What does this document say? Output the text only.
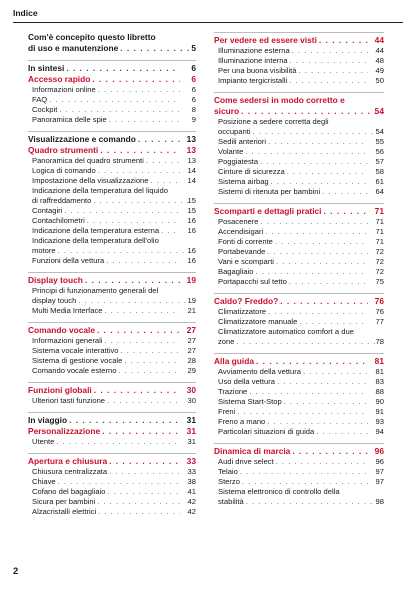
Indice
Com'è concepito questo libretto
di uso e manutenzione . . .	5
In sintesi . . .	6
Accesso rapido . . .	6
Informazioni online . . .	6
FAQ . . .	6
Cockpit . . .	8
Panoramica delle spie . . .	9
Visualizzazione e comando . . .	13
Quadro strumenti . . .	13
Panoramica del quadro strumenti . . .	13
Logica di comando . . .	14
Impostazione della visualizzazione . . .	14
Indicazione della temperatura del liquido
di raffreddamento . . .	15
Contagiri . . .	15
Contachilometri . . .	16
Indicazione della temperatura esterna . . .	16
Indicazione della temperatura dell'olio
motore . . .	16
Funzioni della vettura . . .	16
Display touch . . .	19
Principi di funzionamento generali del
display touch . . .	19
Multi Media Interface . . .	21
Comando vocale . . .	27
Informazioni generali . . .	27
Sistema vocale interattivo . . .	27
Sistema di gestione vocale . . .	28
Comando vocale esterno . . .	29
Funzioni globali . . .	30
Ulteriori tasti funzione . . .	30
In viaggio . . .	31
Personalizzazione . . .	31
Utente . . .	31
Apertura e chiusura . . .	33
Chiusura centralizzata . . .	33
Chiave . . .	38
Cofano del bagagliaio . . .	41
Sicura per bambini . . .	42
Alzacristalli elettrici . . .	42
Per vedere ed essere visti . . .	44
Illuminazione esterna . . .	44
Illuminazione interna . . .	48
Per una buona visibilità . . .	49
Impianto tergicristalli . . .	50
Come sedersi in modo corretto e
sicuro . . .	54
Posizione a sedere corretta degli
occupanti . . .	54
Sedili anteriori . . .	55
Volante . . .	56
Poggiatesta . . .	57
Cinture di sicurezza . . .	58
Sistema airbag . . .	61
Sistemi di ritenuta per bambini . . .	64
Scomparti e dettagli pratici . . .	71
Posacenere . . .	71
Accendisigari . . .	71
Fonti di corrente . . .	71
Portabevande . . .	72
Vani e scomparti . . .	72
Bagagliaio . . .	72
Portapacchi sul tetto . . .	75
Caldo? Freddo? . . .	76
Climatizzatore . . .	76
Climatizzatore manuale . . .	77
Climatizzatore automatico comfort a due
zone . . .	78
Alla guida . . .	81
Avviamento della vettura . . .	81
Uso della vettura . . .	83
Trazione . . .	88
Sistema Start-Stop . . .	90
Freni . . .	91
Freno a mano . . .	93
Particolari situazioni di guida . . .	94
Dinamica di marcia . . .	96
Audi drive select . . .	96
Telaio . . .	97
Sterzo . . .	97
Sistema elettronico di controllo della
stabilità . . .	98
2
